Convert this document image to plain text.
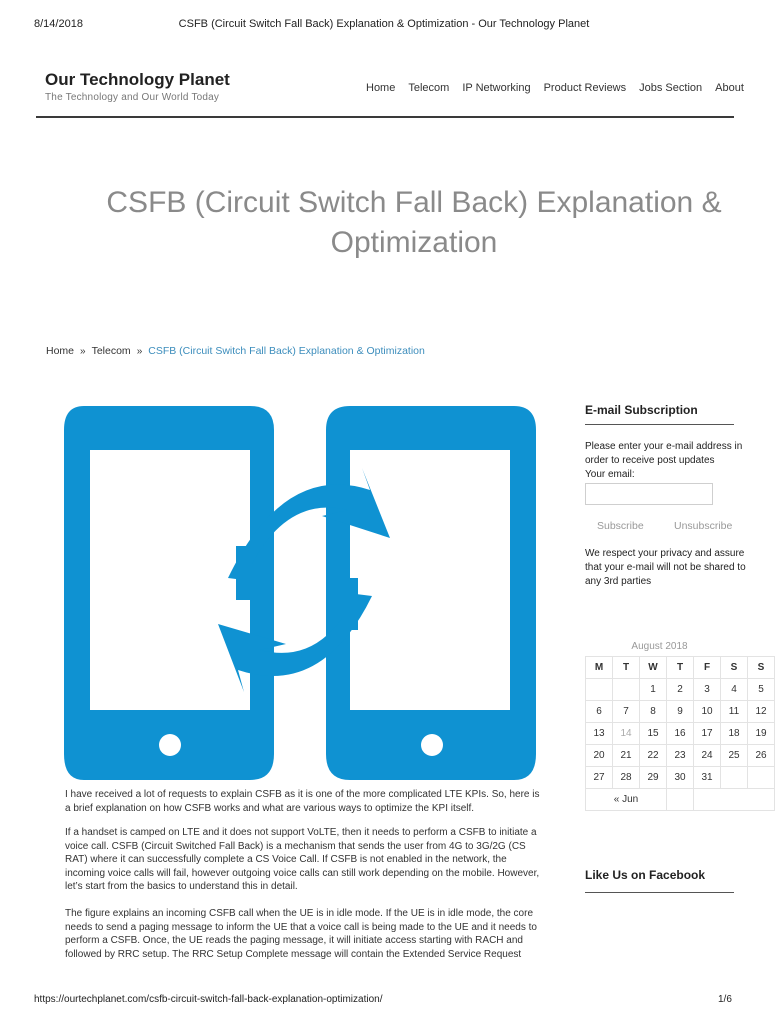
8/14/2018	CSFB (Circuit Switch Fall Back) Explanation & Optimization - Our Technology Planet
Our Technology Planet
The Technology and Our World Today
Home Telecom IP Networking Product Reviews Jobs Section About
CSFB (Circuit Switch Fall Back) Explanation &
Optimization
Home » Telecom » CSFB (Circuit Switch Fall Back) Explanation & Optimization
I have received a lot of requests to explain CSFB as it is one of the more complicated LTE KPIs. So, here is a brief explanation on how CSFB works and what are various ways to optimize the KPI itself.
If a handset is camped on LTE and it does not support VoLTE, then it needs to perform a CSFB to initiate a voice call. CSFB (Circuit Switched Fall Back) is a mechanism that sends the user from 4G to 3G/2G (CS RAT) where it can successfully complete a CS Voice Call. If CSFB is not enabled in the network, the incoming voice calls will fail, however outgoing voice calls can still work depending on the mobile. However, let’s start from the basics to understand this in detail.
The figure explains an incoming CSFB call when the UE is in idle mode. If the UE is in idle mode, the core needs to send a paging message to inform the UE that a voice call is being made to the UE and it needs to perform a CSFB. Once, the UE reads the paging message, it will initiate access starting with RACH and followed by RRC setup. The RRC Setup Complete message will contain the Extended Service Request
E-mail Subscription
Please enter your e-mail address in
order to receive post updates
Your email:
Subscribe	Unsubscribe
We respect your privacy and assure
that your e-mail will not be shared to
any 3rd parties
August 2018
M	T	W	T	F	S	S
		1	2	3	4	5
6	7	8	9	10	11	12
13	14	15	16	17	18	19
20	21	22	23	24	25	26
27	28	29	30	31		
« Jun						
Like Us on Facebook
https://ourtechplanet.com/csfb-circuit-switch-fall-back-explanation-optimization/	1/6
